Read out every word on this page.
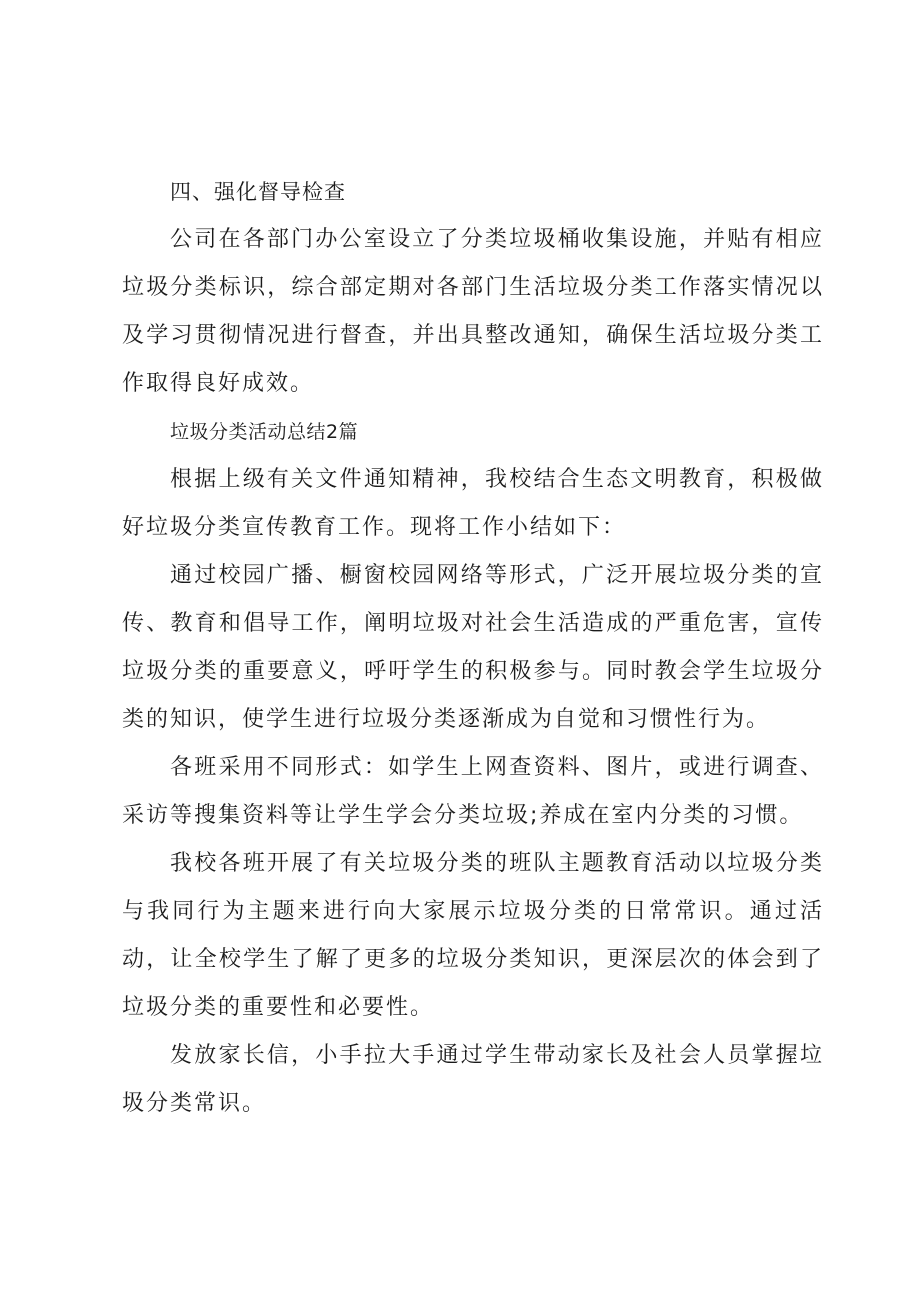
四、强化督导检查

公司在各部门办公室设立了分类垃圾桶收集设施，并贴有相应垃圾分类标识，综合部定期对各部门生活垃圾分类工作落实情况以及学习贯彻情况进行督查，并出具整改通知，确保生活垃圾分类工作取得良好成效。

垃圾分类活动总结2篇

根据上级有关文件通知精神，我校结合生态文明教育，积极做好垃圾分类宣传教育工作。现将工作小结如下：

通过校园广播、橱窗校园网络等形式，广泛开展垃圾分类的宣传、教育和倡导工作，阐明垃圾对社会生活造成的严重危害，宣传垃圾分类的重要意义，呼吁学生的积极参与。同时教会学生垃圾分类的知识，使学生进行垃圾分类逐渐成为自觉和习惯性行为。

各班采用不同形式：如学生上网查资料、图片，或进行调查、采访等搜集资料等让学生学会分类垃圾;养成在室内分类的习惯。

我校各班开展了有关垃圾分类的班队主题教育活动以垃圾分类与我同行为主题来进行向大家展示垃圾分类的日常常识。通过活动，让全校学生了解了更多的垃圾分类知识，更深层次的体会到了垃圾分类的重要性和必要性。

发放家长信，小手拉大手通过学生带动家长及社会人员掌握垃圾分类常识。
